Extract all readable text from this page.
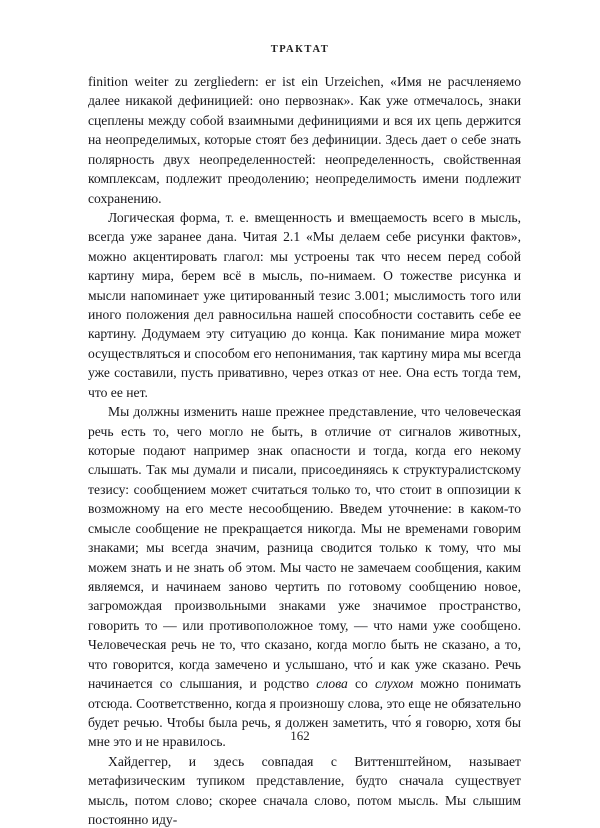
ТРАКТАТ

finition weiter zu zergliedern: er ist ein Urzeichen, «Имя не расчленяемо далее никакой дефиницией: оно первознак». Как уже отмечалось, знаки сцеплены между собой взаимными дефинициями и вся их цепь держится на неопределимых, которые стоят без дефиниции. Здесь дает о себе знать полярность двух неопределенностей: неопределенность, свойственная комплексам, подлежит преодолению; неопределимость имени подлежит сохранению.

Логическая форма, т. е. вмещенность и вмещаемость всего в мысль, всегда уже заранее дана. Читая 2.1 «Мы делаем себе рисунки фактов», можно акцентировать глагол: мы устроены так что несем перед собой картину мира, берем всё в мысль, по-нимаем. О тожестве рисунка и мысли напоминает уже цитированный тезис 3.001; мыслимость того или иного положения дел равносильна нашей способности составить себе ее картину. Додумаем эту ситуацию до конца. Как понимание мира может осуществляться и способом его непонимания, так картину мира мы всегда уже составили, пусть привативно, через отказ от нее. Она есть тогда тем, что ее нет.

Мы должны изменить наше прежнее представление, что человеческая речь есть то, чего могло не быть, в отличие от сигналов животных, которые подают например знак опасности и тогда, когда его некому слышать. Так мы думали и писали, присоединяясь к структуралистскому тезису: сообщением может считаться только то, что стоит в оппозиции к возможному на его месте несообщению. Введем уточнение: в каком-то смысле сообщение не прекращается никогда. Мы не временами говорим знаками; мы всегда значим, разница сводится только к тому, что мы можем знать и не знать об этом. Мы часто не замечаем сообщения, каким являемся, и начинаем заново чертить по готовому сообщению новое, загромождая произвольными знаками уже значимое пространство, говорить то — или противоположное тому, — что нами уже сообщено. Человеческая речь не то, что сказано, когда могло быть не сказано, а то, что говорится, когда замечено и услышано, что́ и как уже сказано. Речь начинается со слышания, и родство слова со слухом можно понимать отсюда. Соответственно, когда я произношу слова, это еще не обязательно будет речью. Чтобы была речь, я должен заметить, что́ я говорю, хотя бы мне это и не нравилось.

Хайдеггер, и здесь совпадая с Виттенштейном, называет метафизическим тупиком представление, будто сначала существует мысль, потом слово; скорее сначала слово, потом мысль. Мы слышим постоянно иду-

162
